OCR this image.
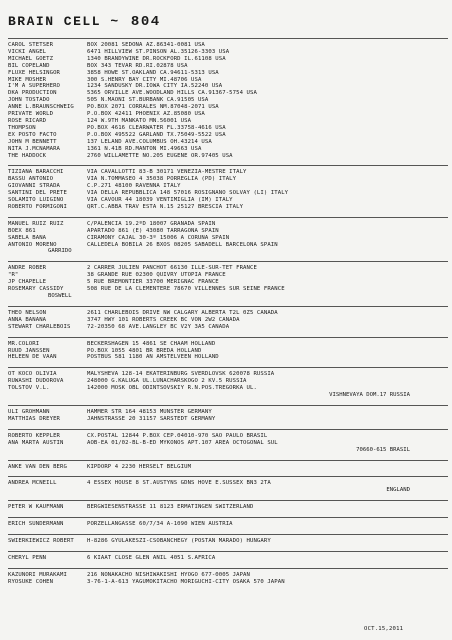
BRAIN CELL ~ 804
CAROL STETSER	BOX 20081 SEDONA AZ.86341-0081 USA
VICKI ANGEL	6471 HILLVIEW ST.PINSON AL.35126-3303 USA
MICHAEL GOETZ	1340 BRANDYWINE DR.ROCKFORD IL.61108 USA
BIL COPELAND	BOX 343 TEVAR RD.RI.02878 USA
FLUXE HELSINGOR	3858 HOWE ST.OAKLAND CA.94611-5313 USA
MIKE MOSHER	300 S.HENRY BAY CITY MI.48706 USA
I'M A SUPERHERO	1234 SANDUSKY DR.IOWA CITY IA.52240 USA
DKA PRODUCTION	5365 ORVILLE AVE.WOODLAND HILLS CA.91367-5754 USA
JOHN TOSTADO	505 N.MAONI ST.BURBANK CA.91505 USA
ANNE L.BRAUNSCHWEIG	PO.BOX 2071 CORRALES NM.87048-2071 USA
PRIVATE WORLD	P.O.BOX 42411 PHOENIX AZ.85080 USA
ROSE RICARD	124 W.9TH MANKATO MN.56001 USA
THOMPSON	PO.BOX 4616 CLEARWATER FL.33758-4616 USA
EX POSTO FACTO	P.O.BOX 495522 GARLAND TX.75049-5522 USA
JOHN M BENNETT	137 LELAND AVE.COLUMBUS OH.43214 USA
NITA J.MCNAMARA	1361 N.41B RD.MANTON MI.49663 USA
THE HADDOCK	2760 WILLAMETTE NO.205 EUGENE OR.97405 USA
TIZIANA BARACCHI	VIA CAVALLOTTI 83-B 30171 VENEZIA-MESTRE ITALY
BASSU ANTONIO	VIA N.TOMMASEO 4 35038 PORREGLIA (PD) ITALY
GIOVANNI STRADA	C.P.271 48100 RAVENNA ITALY
SANTINI DEL PRETE	VIA DELLA REPUBBLICA 148 57016 ROSIGNANO SOLVAY (LI) ITALY
SOLAMITO LUIGINO	VIA CAVOUR 44 18039 VENTIMIGLIA (IM) ITALY
ROBERTO FORMIGONI	QRT.C.ABBA TRAV ESTA N.15 25127 BRESCIA ITALY
MANUEL RUIZ RUIZ	C/PALENCIA 19.2ºD 18007 GRANADA SPAIN
BOEX 861	APARTADO 861 (E) 43080 TARRAGONA SPAIN
SABELA BANA	CIRAMONY CAJAL 30-3º 15006 A CORUNA SPAIN
ANTONIO MORENO	CALLEDELA BOBILA 26 BXOS 08205 SABADELL BARCELONA SPAIN
GARRIDO
ANDRE ROBER	2 CARRER JULIEN PANCHOT 66130 ILLE-SUR-TET FRANCE
"R"	38 GRANDE RUE 02300 QUIVRY UTOPIA FRANCE
JP CHAPELLE	5 RUE BREMONTIER 33700 MERIGNAC FRANCE
ROSEMARY CASSIDY	508 RUE DE LA CLEMENTERE 78670 VILLENNES SUR SEINE FRANCE
BOSWELL
THEO NELSON	2611 CHARLEBOIS DRIVE NW CALGARY ALBERTA T2L 0Z5 CANADA
ANNA BANANA	3747 HWY 101 ROBERTS CREEK BC VON 2W2 CANADA
STEWART CHARLEBOIS	72-20350 68 AVE.LANGLEY BC V2Y 3A5 CANADA
MR.COLORI	BECKERSHAGEN 15 4861 SE CHAAM HOLLAND
RUUD JANSSEN	PO.BOX 1055 4801 BR BREDA HOLLAND
HELEEN DE VAAN	POSTBUS 581 1180 AN AMSTELVEEN HOLLAND
OT KOCO OLIVIA	MALYSHEVA 128-14 EKATERINBURG SVERDLOVSK 620078 RUSSIA
RUWASHI DUDOROVA	248000 G.KALUGA UL.LUNACHARSKOGO 2 KV.5 RUSSIA
TOLSTOV V.L.	142000 MOSK OBL ODINTSOVSKIY R.N.POS.TREGORKA UL.
VISHNEVAYA DOM.17 RUSSIA
ULI GROHMANN	HAMMER STR 164 48153 MUNSTER GERMANY
MATTHIAS DREYER	JAHNSTRASSE 20 31157 SARSTEDT GERMANY
ROBERTO KEPPLER	CX.POSTAL 12844 P.BOX CEP.04010-970 SAO PAULO BRASIL
ANA MARTA AUSTIN	AOB-EA 01/02-BL-B-ED MYKONOS APT.107 AREA OCTOGONAL SUL
70660-615 BRASIL
ANKE VAN DEN BERG	KIPDORP 4 2230 HERSELT BELGIUM
ANDREA MCNEILL	4 ESSEX HOUSE 8 ST.AUSTYNS GDNS HOVE E.SUSSEX BN3 2TA
ENGLAND
PETER W KAUFMANN	BERGWIESENSTRASSE 11 8123 ERMATINGEN SWITZERLAND
ERICH SUNDERMANN	PORZELLANGASSE 60/7/34 A-1090 WIEN AUSTRIA
SWIERKIEWICZ ROBERT	H-8286 GYULAKESZI-CSOBANCHEGY (POSTAN MARADO) HUNGARY
CHERYL PENN	6 KIAAT CLOSE GLEN ANIL 4051 S.AFRICA
KAZUNORI MURAKAMI	216 NONAKACHO NISHIWAKISHI HYOGO 677-0005 JAPAN
RYOSUKE COHEN	3-76-1-A-613 YAGUMOKITACHO MORIGUCHI-CITY OSAKA 570 JAPAN
OCT.15,2011
